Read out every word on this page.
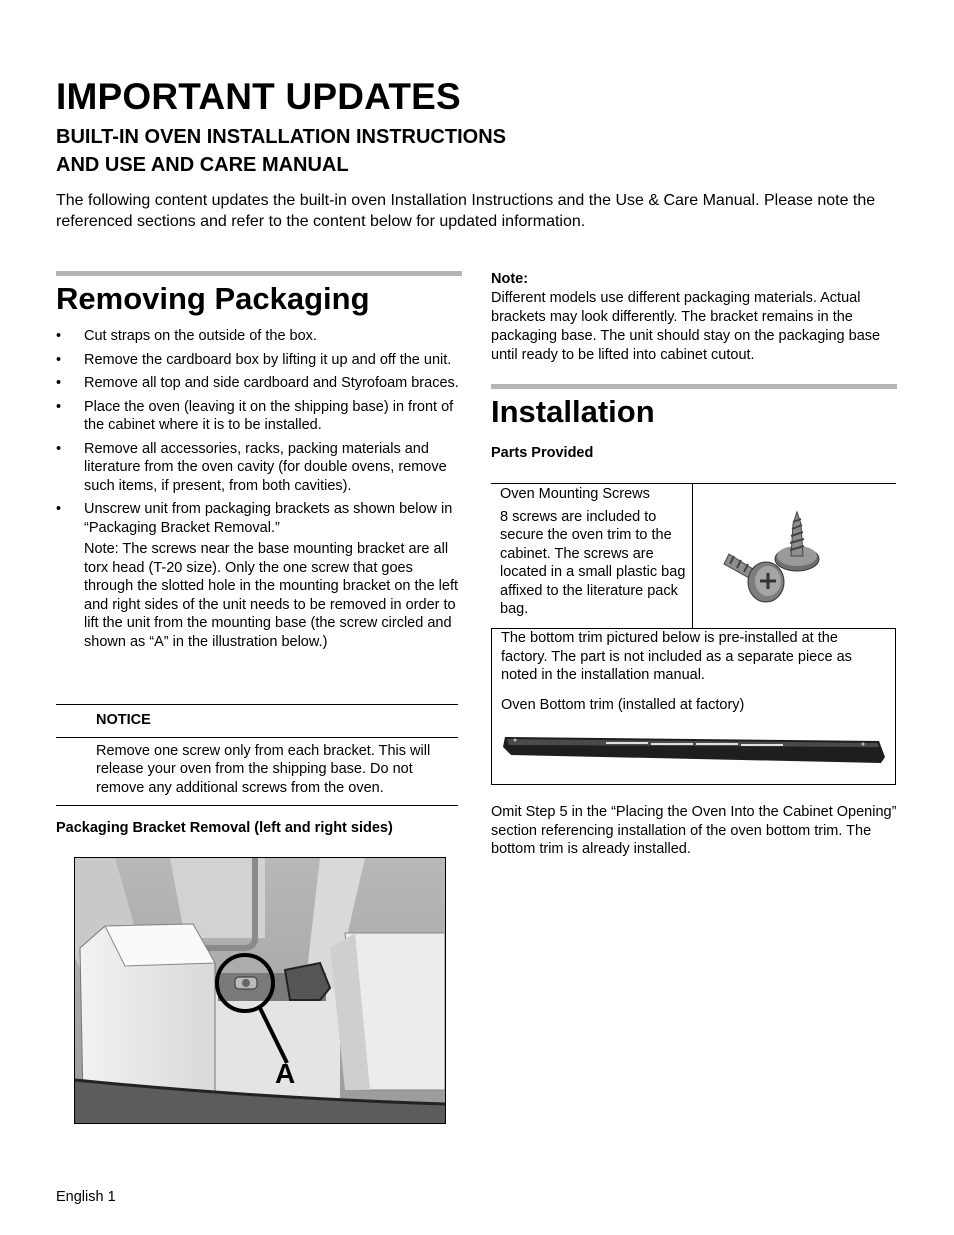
IMPORTANT UPDATES
BUILT-IN OVEN INSTALLATION INSTRUCTIONS
AND USE AND CARE MANUAL

The following content updates the built-in oven Installation Instructions and the Use & Care Manual. Please note the referenced sections and refer to the content below for updated information.

Removing Packaging
• Cut straps on the outside of the box.
• Remove the cardboard box by lifting it up and off the unit.
• Remove all top and side cardboard and Styrofoam braces.
• Place the oven (leaving it on the shipping base) in front of the cabinet where it is to be installed.
• Remove all accessories, racks, packing materials and literature from the oven cavity (for double ovens, remove such items, if present, from both cavities).
• Unscrew unit from packaging brackets as shown below in “Packaging Bracket Removal.”
Note: The screws near the base mounting bracket are all torx head (T-20 size). Only the one screw that goes through the slotted hole in the mounting bracket on the left and right sides of the unit needs to be removed in order to lift the unit from the mounting base (the screw circled and shown as “A” in the illustration below.)
NOTICE
Remove one screw only from each bracket. This will release your oven from the shipping base. Do not remove any additional screws from the oven.

Packaging Bracket Removal (left and right sides)

A
Note:
Different models use different packaging materials. Actual brackets may look differently. The bracket remains in the packaging base. The unit should stay on the packaging base until ready to be lifted into cabinet cutout.
Installation

Parts Provided

Oven Mounting Screws
8 screws are included to secure the oven trim to the cabinet. The screws are located in a small plastic bag affixed to the literature pack bag.

The bottom trim pictured below is pre-installed at the factory. The part is not included as a separate piece as noted in the installation manual.

Oven Bottom trim (installed at factory)

Omit Step 5 in the “Placing the Oven Into the Cabinet Opening” section referencing installation of the oven bottom trim. The bottom trim is already installed.

English 1
